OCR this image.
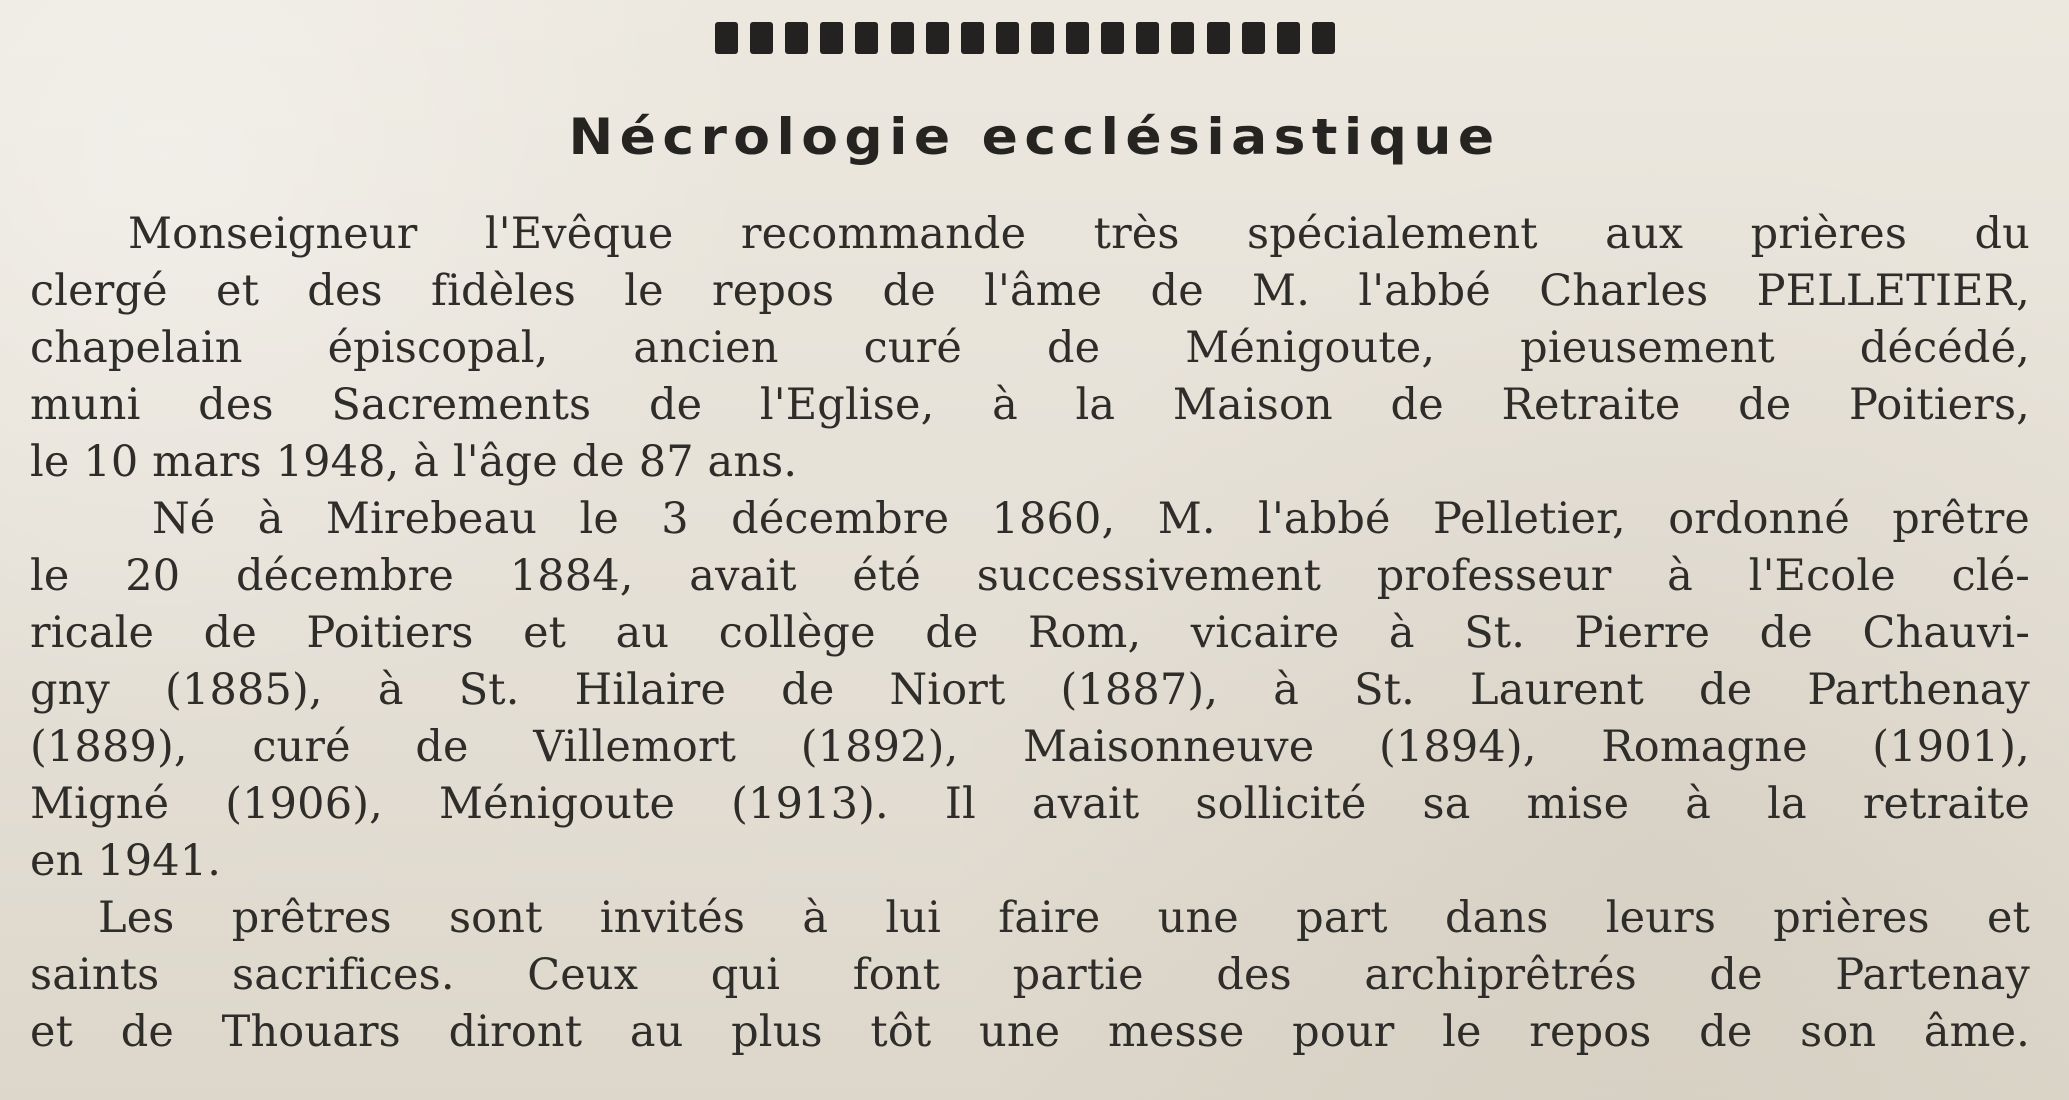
Nécrologie ecclésiastique
Monseigneur l'Evêque recommande très spécialement aux prières du
clergé et des fidèles le repos de l'âme de M. l'abbé Charles PELLETIER,
chapelain épiscopal, ancien curé de Ménigoute, pieusement décédé,
muni des Sacrements de l'Eglise, à la Maison de Retraite de Poitiers,
le 10 mars 1948, à l'âge de 87 ans.
Né à Mirebeau le 3 décembre 1860, M. l'abbé Pelletier, ordonné prêtre
le 20 décembre 1884, avait été successivement professeur à l'Ecole clé-
ricale de Poitiers et au collège de Rom, vicaire à St. Pierre de Chauvi-
gny (1885), à St. Hilaire de Niort (1887), à St. Laurent de Parthenay
(1889), curé de Villemort (1892), Maisonneuve (1894), Romagne (1901),
Migné (1906), Ménigoute (1913). Il avait sollicité sa mise à la retraite
en 1941.
Les prêtres sont invités à lui faire une part dans leurs prières et
saints sacrifices. Ceux qui font partie des archiprêtrés de Partenay
et de Thouars diront au plus tôt une messe pour le repos de son âme.
